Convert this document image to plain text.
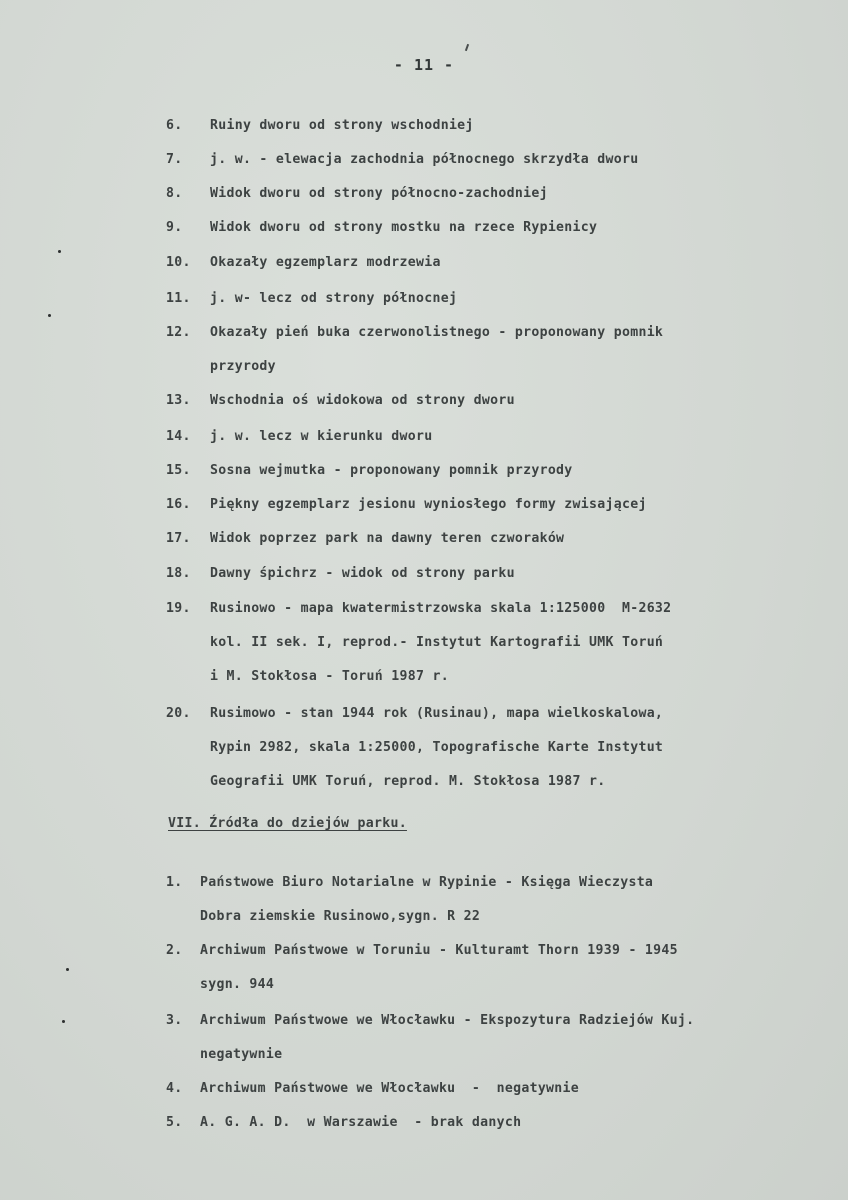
- 11 -
6.	Ruiny dworu od strony wschodniej
7.	j. w. - elewacja zachodnia północnego skrzydła dworu
8.	Widok dworu od strony północno-zachodniej
9.	Widok dworu od strony mostku na rzece Rypienicy
10.	Okazały egzemplarz modrzewia
11.	j. w- lecz od strony północnej
12.	Okazały pień buka czerwonolistnego - proponowany pomnik
przyrody
13.	Wschodnia oś widokowa od strony dworu
14.	j. w. lecz w kierunku dworu
15.	Sosna wejmutka - proponowany pomnik przyrody
16.	Piękny egzemplarz jesionu wyniosłego formy zwisającej
17.	Widok poprzez park na dawny teren czworaków
18.	Dawny śpichrz - widok od strony parku
19.	Rusinowo - mapa kwatermistrzowska skala 1:125000  M-2632
kol. II sek. I, reprod.- Instytut Kartografii UMK Toruń
i M. Stokłosa - Toruń 1987 r.
20.	Rusimowo - stan 1944 rok (Rusinau), mapa wielkoskalowa,
Rypin 2982, skala 1:25000, Topografische Karte Instytut
Geografii UMK Toruń, reprod. M. Stokłosa 1987 r.
VII. Źródła do dziejów parku.
1.	Państwowe Biuro Notarialne w Rypinie - Księga Wieczysta
Dobra ziemskie Rusinowo,sygn. R 22
2.	Archiwum Państwowe w Toruniu - Kulturamt Thorn 1939 - 1945
sygn. 944
3.	Archiwum Państwowe we Włocławku - Ekspozytura Radziejów Kuj.
negatywnie
4.	Archiwum Państwowe we Włocławku  -  negatywnie
5.	A. G. A. D.  w Warszawie  - brak danych
